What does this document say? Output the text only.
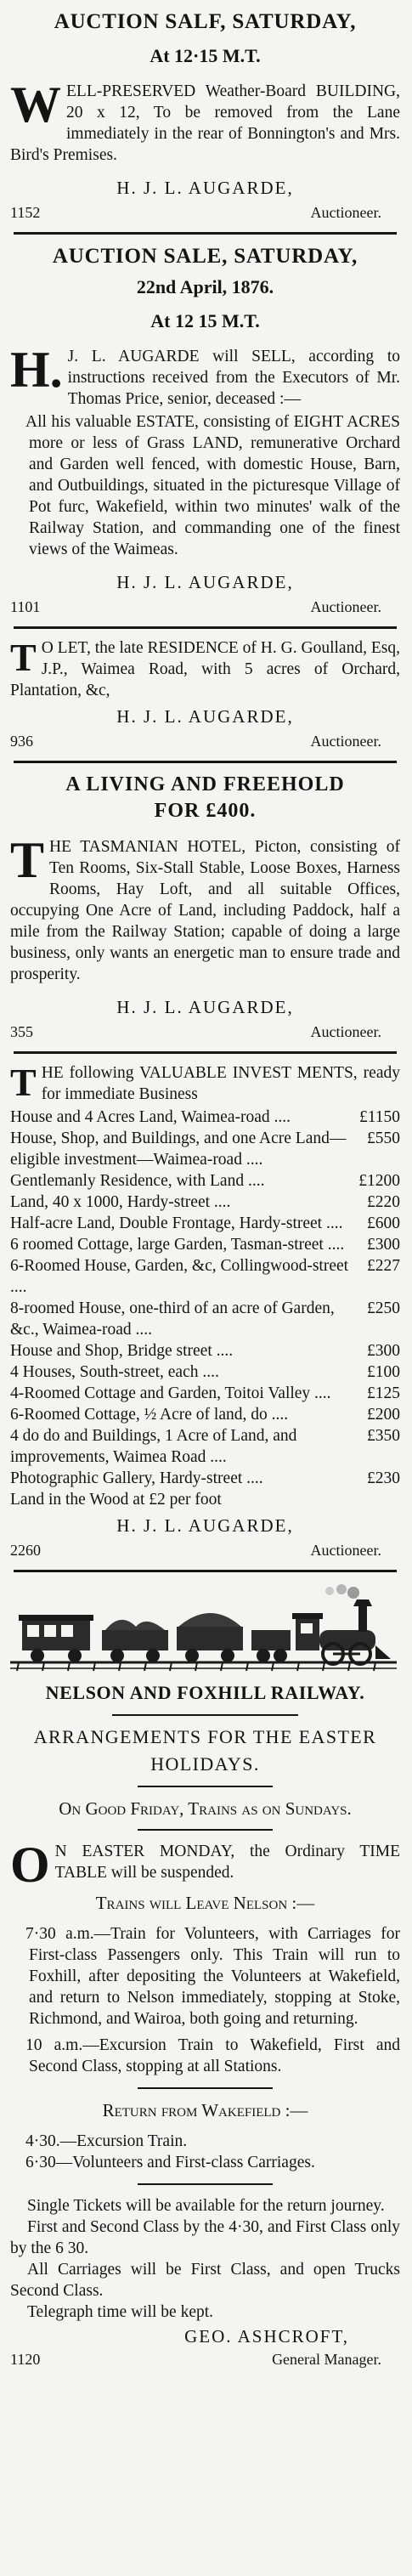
AUCTION SALF, SATURDAY,
At 12·15 M.T.
W ELL-PRESERVED Weather-Board BUILDING, 20 x 12, To be removed from the Lane immediately in the rear of Bonnington's and Mrs. Bird's Premises.
H. J. L. AUGARDE,
1152	Auctioneer.
AUCTION SALE, SATURDAY,
22nd April, 1876.
At 12 15 M.T.
H. J. L. AUGARDE will SELL, according to instructions received from the Executors of Mr. Thomas Price, senior, deceased :—
All his valuable ESTATE, consisting of EIGHT ACRES more or less of Grass LAND, remunerative Orchard and Garden well fenced, with domestic House, Barn, and Outbuildings, situated in the picturesque Village of Pot furc, Wakefield, within two minutes' walk of the Railway Station, and commanding one of the finest views of the Waimeas.
H. J. L. AUGARDE,
1101	Auctioneer.
T O LET, the late RESIDENCE of H. G. Goulland, Esq, J.P., Waimea Road, with 5 acres of Orchard, Plantation, &c,
H. J. L. AUGARDE,
936	Auctioneer.
A LIVING AND FREEHOLD
FOR £400.
T HE TASMANIAN HOTEL, Picton, consisting of Ten Rooms, Six-Stall Stable, Loose Boxes, Harness Rooms, Hay Loft, and all suitable Offices, occupying One Acre of Land, including Paddock, half a mile from the Railway Station; capable of doing a large business, only wants an energetic man to ensure trade and prosperity.
H. J. L. AUGARDE,
355	Auctioneer.
T HE following VALUABLE INVEST MENTS, ready for immediate Business
House and 4 Acres Land, Waimea-road ....	£1150
House, Shop, and Buildings, and one Acre Land—eligible investment—Waimea-road ....
£550
Gentlemanly Residence, with Land ....	£1200
Land, 40 x 1000, Hardy-street ....	£220
Half-acre Land, Double Frontage, Hardy-street ....	£600
6 roomed Cottage, large Garden, Tasman-street ....	£300
6-Roomed House, Garden, &c, Collingwood-street ....
£227
8-roomed House, one-third of an acre of Garden, &c., Waimea-road ....
£250
House and Shop, Bridge street ....	£300
4 Houses, South-street, each ....	£100
4-Roomed Cottage and Garden, Toitoi Valley ....	£125
6-Roomed Cottage, ½ Acre of land, do ....	£200
4 do do and Buildings, 1 Acre of Land, and improvements, Waimea Road ....
£350
Photographic Gallery, Hardy-street ....	£230
Land in the Wood at £2 per foot
H. J. L. AUGARDE,
2260	Auctioneer.
NELSON AND FOXHILL RAILWAY.
ARRANGEMENTS FOR THE EASTER
HOLIDAYS.
On Good Friday, Trains as on Sundays.
O N EASTER MONDAY, the Ordinary TIME TABLE will be suspended.
Trains will Leave Nelson :—
7·30 a.m.—Train for Volunteers, with Carriages for First-class Passengers only. This Train will run to Foxhill, after depositing the Volunteers at Wakefield, and return to Nelson immediately, stopping at Stoke, Richmond, and Wairoa, both going and returning.
10 a.m.—Excursion Train to Wakefield, First and Second Class, stopping at all Stations.
Return from Wakefield :—
4·30.—Excursion Train.
6·30—Volunteers and First-class Carriages.
Single Tickets will be available for the return journey.
First and Second Class by the 4·30, and First Class only by the 6 30.
All Carriages will be First Class, and open Trucks Second Class.
Telegraph time will be kept.
GEO. ASHCROFT,
1120	General Manager.
